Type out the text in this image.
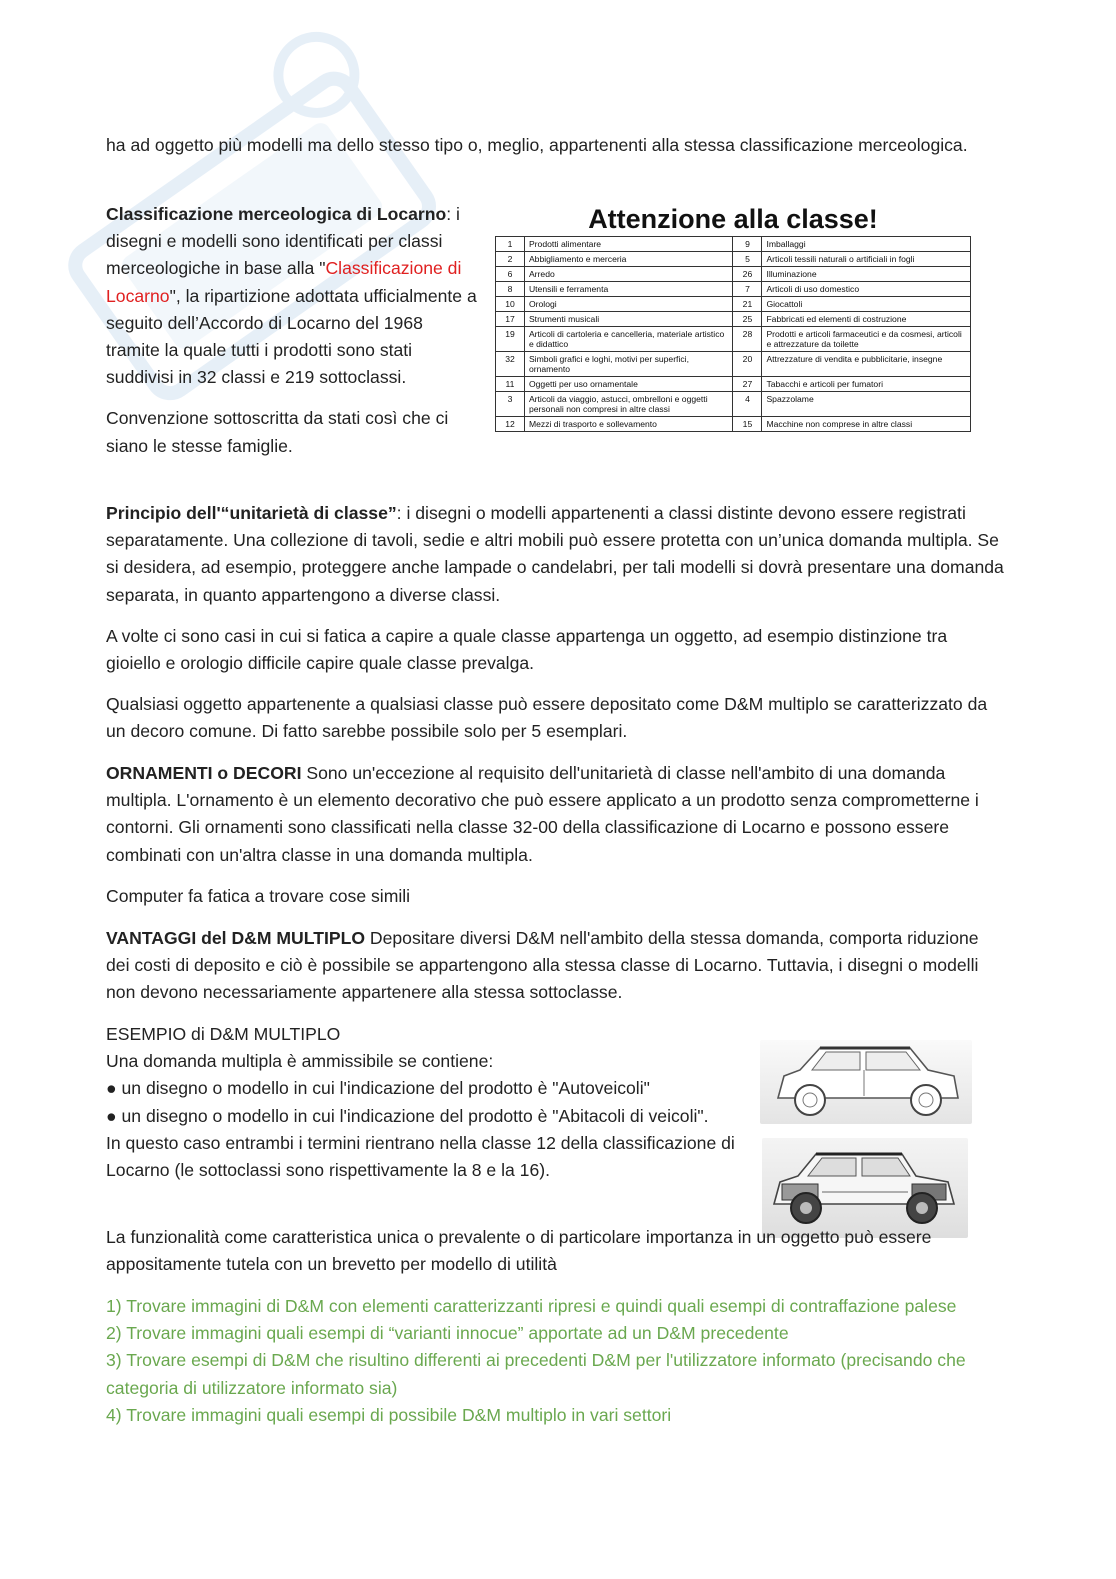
ha ad oggetto più modelli ma dello stesso tipo o, meglio, appartenenti alla stessa classificazione merceologica.

Classificazione merceologica di Locarno: i disegni e modelli sono identificati per classi merceologiche in base alla "Classificazione di Locarno", la ripartizione adottata ufficialmente a seguito dell’Accordo di Locarno del 1968 tramite la quale tutti i prodotti sono stati suddivisi in 32 classi e 219 sottoclassi.

Convenzione sottoscritta da stati così che ci siano le stesse famiglie.

Attenzione alla classe!
1	Prodotti alimentare	9	Imballaggi
2	Abbigliamento e merceria	5	Articoli tessili naturali o artificiali in fogli
6	Arredo	26	Illuminazione
8	Utensili e ferramenta	7	Articoli di uso domestico
10	Orologi	21	Giocattoli
17	Strumenti musicali	25	Fabbricati ed elementi di costruzione
19	Articoli di cartoleria e cancelleria, materiale artistico e didattico	28	Prodotti e articoli farmaceutici e da cosmesi, articoli e attrezzature da toilette
32	Simboli grafici e loghi, motivi per superfici, ornamento	20	Attrezzature di vendita e pubblicitarie, insegne
11	Oggetti per uso ornamentale	27	Tabacchi e articoli per fumatori
3	Articoli da viaggio, astucci, ombrelloni e oggetti personali non compresi in altre classi	4	Spazzolame
12	Mezzi di trasporto e sollevamento	15	Macchine non comprese in altre classi

Principio dell'“unitarietà di classe”: i disegni o modelli appartenenti a classi distinte devono essere registrati separatamente. Una collezione di tavoli, sedie e altri mobili può essere protetta con un’unica domanda multipla. Se si desidera, ad esempio, proteggere anche lampade o candelabri, per tali modelli si dovrà presentare una domanda separata, in quanto appartengono a diverse classi.

A volte ci sono casi in cui si fatica a capire a quale classe appartenga un oggetto, ad esempio distinzione tra gioiello e orologio difficile capire quale classe prevalga.

Qualsiasi oggetto appartenente a qualsiasi classe può essere depositato come D&M multiplo se caratterizzato da un decoro comune. Di fatto sarebbe possibile solo per 5 esemplari.

ORNAMENTI o DECORI Sono un'eccezione al requisito dell'unitarietà di classe nell'ambito di una domanda multipla. L'ornamento è un elemento decorativo che può essere applicato a un prodotto senza comprometterne i contorni. Gli ornamenti sono classificati nella classe 32-00 della classificazione di Locarno e possono essere combinati con un'altra classe in una domanda multipla.

Computer fa fatica a trovare cose simili

VANTAGGI del D&M MULTIPLO Depositare diversi D&M nell'ambito della stessa domanda, comporta riduzione dei costi di deposito e ciò è possibile se appartengono alla stessa classe di Locarno. Tuttavia, i disegni o modelli non devono necessariamente appartenere alla stessa sottoclasse.

ESEMPIO di D&M MULTIPLO

Una domanda multipla è ammissibile se contiene:

● un disegno o modello in cui l'indicazione del prodotto è "Autoveicoli"

● un disegno o modello in cui l'indicazione del prodotto è "Abitacoli di veicoli".

In questo caso entrambi i termini rientrano nella classe 12 della classificazione di Locarno (le sottoclassi sono rispettivamente la 8 e la 16).

La funzionalità come caratteristica unica o prevalente o di particolare importanza in un oggetto può essere appositamente tutela con un brevetto per modello di utilità

1) Trovare immagini di D&M con elementi caratterizzanti ripresi e quindi quali esempi di contraffazione palese

2) Trovare immagini quali esempi di “varianti innocue” apportate ad un D&M precedente

3) Trovare esempi di D&M che risultino differenti ai precedenti D&M per l'utilizzatore informato (precisando che categoria di utilizzatore informato sia)

4) Trovare immagini quali esempi di possibile D&M multiplo in vari settori
